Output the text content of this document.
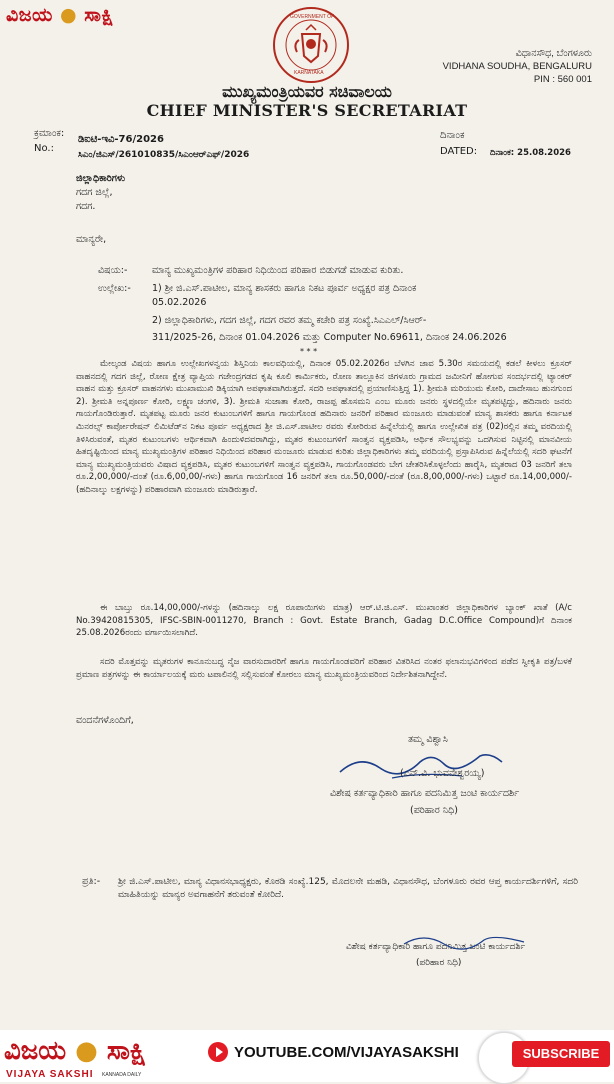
ವಿಜಯ ● ಸಾಕ್ಷಿ	GOVERNMENT OF
KARNATAKA
ವಿಧಾನಸೌಧ, ಬೆಂಗಳೂರು
VIDHANA SOUDHA, BENGALURU
PIN : 560 001
ಮುಖ್ಯಮಂತ್ರಿಯವರ ಸಚಿವಾಲಯ
CHIEF MINISTER'S SECRETARIAT
ಕ್ರಮಾಂಕ:
No.:
ಡಿಐಟಿ-ಇವಿ-76/2026
ಸಿಎಂ/ಜಿಎಸ್/261010835/ಸಿಎಂಆರ್‌ಎಫ್/2026
ದಿನಾಂಕ
DATED: ದಿನಾಂಕ: 25.08.2026
ಜಿಲ್ಲಾಧಿಕಾರಿಗಳು
ಗದಗ ಜಿಲ್ಲೆ,
ಗದಗ.
ಮಾನ್ಯರೇ,
ವಿಷಯ:-	ಮಾನ್ಯ ಮುಖ್ಯಮಂತ್ರಿಗಳ ಪರಿಹಾರ ನಿಧಿಯಿಂದ ಪರಿಹಾರ ಬಿಡುಗಡೆ ಮಾಡುವ ಕುರಿತು.
ಉಲ್ಲೇಖ:- 1) ಶ್ರೀ ಜಿ.ಎಸ್.ಪಾಟೀಲ, ಮಾನ್ಯ ಶಾಸಕರು ಹಾಗೂ ನಿಕಟ ಪೂರ್ವ ಅಧ್ಯಕ್ಷರ ಪತ್ರ ದಿನಾಂಕ
05.02.2026
2) ಜಿಲ್ಲಾಧಿಕಾರಿಗಳು, ಗದಗ ಜಿಲ್ಲೆ, ಗದಗ ರವರ ತಮ್ಮ ಕಚೇರಿ ಪತ್ರ ಸಂಖ್ಯೆ.ಸಿಎಎಲ್/ಸಿಆರ್-
311/2025-26, ದಿನಾಂಕ 01.04.2026 ಮತ್ತು Computer No.69611, ದಿನಾಂಕ 24.06.2026
* * *
ಮೇಲ್ಕಂಡ ವಿಷಯ ಹಾಗೂ ಉಲ್ಲೇಖಗಳನ್ವಯ ಶಿಸ್ತಿನಿಯ ಕಾಲವಧಿಯಲ್ಲಿ, ದಿನಾಂಕ 05.02.2026ರ ಬೆಳಗಿನ ಜಾವ 5.30ರ ಸಮಯದಲ್ಲಿ ಕಡಲೆ ಕೀಳಲು ಕ್ರೂಸರ್ ವಾಹನದಲ್ಲಿ ಗದಗ ಜಿಲ್ಲೆ, ರೋಣ ಕ್ಷೇತ್ರ ವ್ಯಾಪ್ತಿಯ ಗಜೇಂದ್ರಗಡದ ಕೃಷಿ ಕೂಲಿ ಕಾರ್ಮಿಕರು, ರೋಣ ತಾಲ್ಲೂಕಿನ ಜಿಗಳೂರು ಗ್ರಾಮದ ಜಮೀನಿಗೆ ಹೋಗುವ ಸಂದರ್ಭದಲ್ಲಿ ಟ್ಯಾಂಕರ್ ವಾಹನ ಮತ್ತು ಕ್ರೂಸರ್ ವಾಹನಗಳು ಮುಖಾಮುಖಿ ಡಿಕ್ಕಿಯಾಗಿ ಅಪಘಾತವಾಗಿರುತ್ತದೆ. ಸದರಿ ಅಪಘಾತದಲ್ಲಿ ಪ್ರಯಾಣಿಸುತ್ತಿದ್ದ 1). ಶ್ರೀಮತಿ ಮರಿಯುಮ ಕೋರಿ, ದಾದೇಸಾಬ ಹುನಗುಂದ 2). ಶ್ರೀಮತಿ ಅನ್ನಪೂರ್ಣ ಕೋರಿ, ಲಕ್ಷ್ಮಣ ಚಂಗಳಿ, 3). ಶ್ರೀಮತಿ ಸುಜಾತಾ ಕೋರಿ, ರಾಜಪ್ಪ ಹೊಸಮನಿ ಎಂಬ ಮೂರು ಜನರು ಸ್ಥಳದಲ್ಲಿಯೇ ಮೃತಪಟ್ಟಿದ್ದು, ಹದಿನಾರು ಜನರು ಗಾಯಗೊಂಡಿರುತ್ತಾರೆ. ಮೃತಪಟ್ಟ ಮೂರು ಜನರ ಕುಟುಂಬಗಳಿಗೆ ಹಾಗೂ ಗಾಯಗೊಂಡ ಹದಿನಾರು ಜನರಿಗೆ ಪರಿಹಾರ ಮಂಜೂರು ಮಾಡುವಂತೆ ಮಾನ್ಯ ಶಾಸಕರು ಹಾಗೂ ಕರ್ನಾಟಕ ಮಿನರಲ್ಸ್ ಕಾರ್ಪೋರೇಷನ್ ಲಿಮಿಟೆಡ್‌ನ ನಿಕಟ ಪೂರ್ವ ಅಧ್ಯಕ್ಷರಾದ ಶ್ರೀ ಜಿ.ಎಸ್.ಪಾಟೀಲ ರವರು ಕೋರಿರುವ ಹಿನ್ನೆಲೆಯಲ್ಲಿ ಹಾಗೂ ಉಲ್ಲೇಖಿತ ಪತ್ರ (02)ರಲ್ಲಿನ ತಮ್ಮ ವರದಿಯಲ್ಲಿ ತಿಳಿಸಿರುವಂತೆ, ಮೃತರ ಕುಟುಂಬಗಳು ಆರ್ಥಿಕವಾಗಿ ಹಿಂದುಳಿದವರಾಗಿದ್ದು, ಮೃತರ ಕುಟುಂಬಗಳಿಗೆ ಸಾಂತ್ವನ ವ್ಯಕ್ತಪಡಿಸಿ, ಆರ್ಥಿಕ ಸೌಲಭ್ಯವನ್ನು ಒದಗಿಸುವ ನಿಟ್ಟಿನಲ್ಲಿ ಮಾನವೀಯ ಹಿತದೃಷ್ಟಿಯಿಂದ ಮಾನ್ಯ ಮುಖ್ಯಮಂತ್ರಿಗಳ ಪರಿಹಾರ ನಿಧಿಯಿಂದ ಪರಿಹಾರ ಮಂಜೂರು ಮಾಡುವ ಕುರಿತು ಜಿಲ್ಲಾಧಿಕಾರಿಗಳು ತಮ್ಮ ವರದಿಯಲ್ಲಿ ಪ್ರಸ್ತಾಪಿಸಿರುವ ಹಿನ್ನೆಲೆಯಲ್ಲಿ ಸದರಿ ಘಟನೆಗೆ ಮಾನ್ಯ ಮುಖ್ಯಮಂತ್ರಿಯವರು ವಿಷಾದ ವ್ಯಕ್ತಪಡಿಸಿ, ಮೃತರ ಕುಟುಂಬಗಳಿಗೆ ಸಾಂತ್ವನ ವ್ಯಕ್ತಪಡಿಸಿ, ಗಾಯಗೊಂಡವರು ಬೇಗ ಚೇತರಿಸಿಕೊಳ್ಳಲೆಂದು ಹಾರೈಸಿ, ಮೃತರಾದ 03 ಜನರಿಗೆ ತಲಾ ರೂ.2,00,000/-ದಂತೆ (ರೂ.6,00,00/-ಗಳು) ಹಾಗೂ ಗಾಯಗೊಂಡ 16 ಜನರಿಗೆ ತಲಾ ರೂ.50,000/-ದಂತೆ (ರೂ.8,00,000/-ಗಳು) ಒಟ್ಟಾರೆ ರೂ.14,00,000/- (ಹದಿನಾಲ್ಕು ಲಕ್ಷಗಳನ್ನು) ಪರಿಹಾರವಾಗಿ ಮಂಜೂರು ಮಾಡಿರುತ್ತಾರೆ.
ಈ ಬಾಬ್ತು ರೂ.14,00,000/-ಗಳನ್ನು (ಹದಿನಾಲ್ಕು ಲಕ್ಷ ರೂಪಾಯಿಗಳು ಮಾತ್ರ) ಆರ್.ಟಿ.ಜಿ.ಎಸ್. ಮುಖಾಂತರ ಜಿಲ್ಲಾಧಿಕಾರಿಗಳ ಬ್ಯಾಂಕ್ ಖಾತೆ (A/c No.39420815305, IFSC-SBIN-0011270, Branch : Govt. Estate Branch, Gadag D.C.Office Compound)ಗೆ ದಿನಾಂಕ 25.08.2026ರಂದು ವರ್ಗಾಯಿಸಲಾಗಿದೆ.
ಸದರಿ ಮೊತ್ತವನ್ನು ಮೃತರುಗಳ ಕಾನೂನುಬದ್ಧ ನೈಜ ವಾರಸುದಾರರಿಗೆ ಹಾಗೂ ಗಾಯಗೊಂಡವರಿಗೆ ಪರಿಹಾರ ವಿತರಿಸಿದ ನಂತರ ಫಲಾನುಭವಿಗಳಿಂದ ಪಡೆದ ಸ್ವೀಕೃತಿ ಪತ್ರ/ಬಳಕೆ ಪ್ರಮಾಣ ಪತ್ರಗಳನ್ನು ಈ ಕಾರ್ಯಾಲಯಕ್ಕೆ ಮರು ಟಪಾಲಿನಲ್ಲಿ ಸಲ್ಲಿಸುವಂತೆ ಕೋರಲು ಮಾನ್ಯ ಮುಖ್ಯಮಂತ್ರಿಯವರಿಂದ ನಿರ್ದೇಶಿತನಾಗಿದ್ದೇನೆ.
ವಂದನೆಗಳೊಂದಿಗೆ,
ತಮ್ಮ ವಿಶ್ವಾಸಿ
(ಎನ್.ವಿ. ಭುವನೇಶ್ವರಯ್ಯ)
ವಿಶೇಷ ಕರ್ತವ್ಯಾಧಿಕಾರಿ ಹಾಗೂ ಪದನಿಮಿತ್ತ ಜಂಟಿ ಕಾರ್ಯದರ್ಶಿ
(ಪರಿಹಾರ ನಿಧಿ)
ಪ್ರತಿ:- ಶ್ರೀ ಜಿ.ಎಸ್.ಪಾಟೀಲ, ಮಾನ್ಯ ವಿಧಾನಸಭಾಧ್ಯಕ್ಷರು, ಕೊಠಡಿ ಸಂಖ್ಯೆ.125, ಮೊದಲನೇ ಮಹಡಿ, ವಿಧಾನಸೌಧ, ಬೆಂಗಳೂರು ರವರ ಆಪ್ತ ಕಾರ್ಯದರ್ಶಿಗಳಿಗೆ, ಸದರಿ ಮಾಹಿತಿಯನ್ನು ಮಾನ್ಯರ ಅವಗಾಹನೆಗೆ ತರುವಂತೆ ಕೋರಿದೆ.
ವಿಶೇಷ ಕರ್ತವ್ಯಾಧಿಕಾರಿ ಹಾಗೂ ಪದನಿಮಿತ್ತ ಜಂಟಿ ಕಾರ್ಯದರ್ಶಿ
(ಪರಿಹಾರ ನಿಧಿ)
ವಿಜಯ ● ಸಾಕ್ಷಿ
VIJAYA SAKSHI KANNADA DAILY
YOUTUBE.COM/VIJAYASAKSHI	SUBSCRIBE
